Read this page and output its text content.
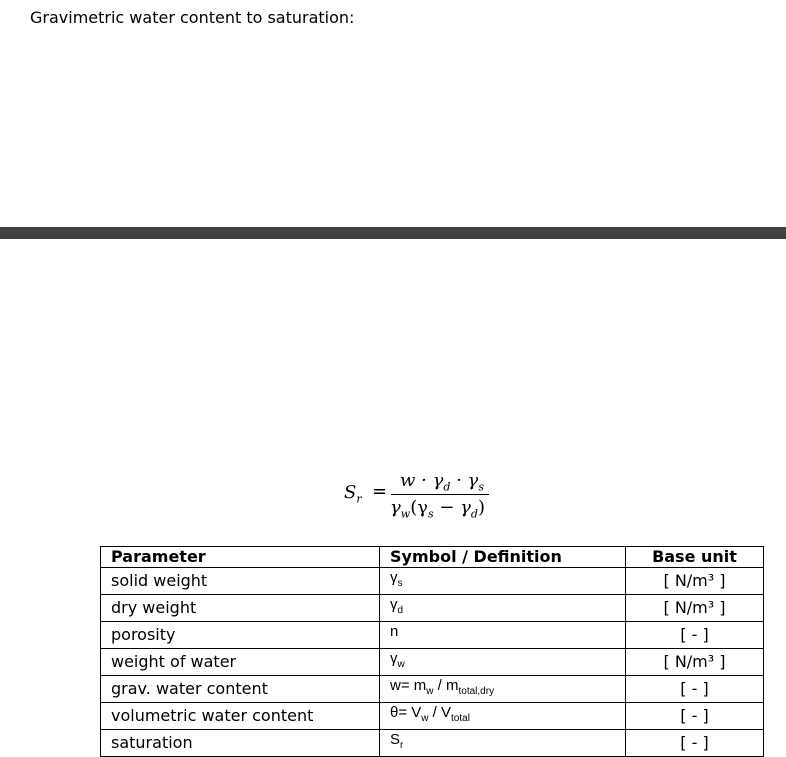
Gravimetric water content to saturation:
$S_r$ =
$w \cdot \gamma_d \cdot \gamma_s$
$\gamma_w(\gamma_s - \gamma_d)$
Parameter	Symbol / Definition	Base unit
solid weight	$\gamma_s$	[ N/m³ ]
dry weight	$\gamma_d$	[ N/m³ ]
porosity	n	[ - ]
weight of water	$\gamma_w$	[ N/m³ ]
grav. water content	$w= m_w / m_{total,dry}$	[ - ]
volumetric water content	$\theta= V_w / V_{total}$	[ - ]
saturation	$S_r$	[ - ]
